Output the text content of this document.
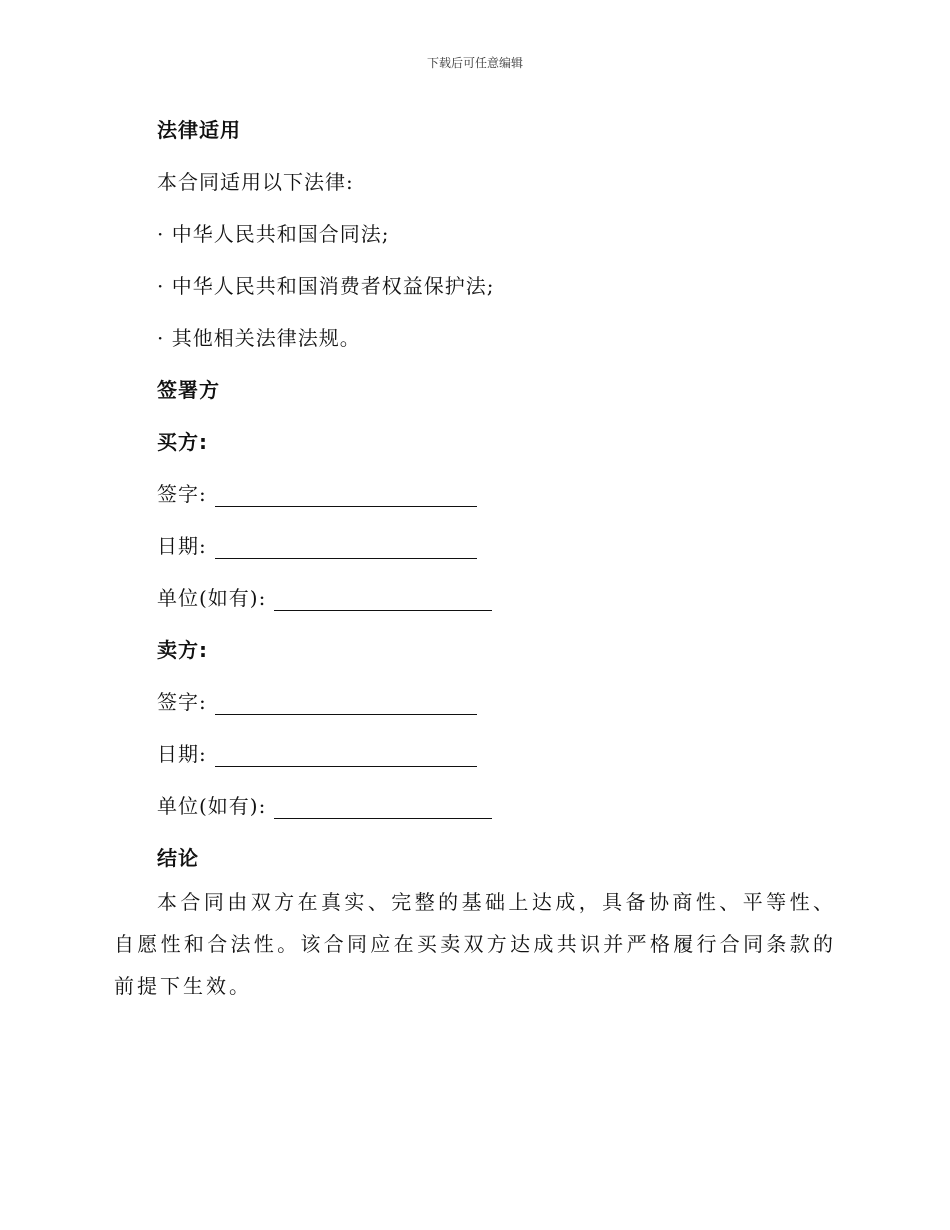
下载后可任意编辑
法律适用
本合同适用以下法律:
· 中华人民共和国合同法;
· 中华人民共和国消费者权益保护法;
· 其他相关法律法规。
签署方
买方:
签字:
日期:
单位(如有):
卖方:
签字:
日期:
单位(如有):
结论
本合同由双方在真实、完整的基础上达成，具备协商性、平等性、自愿性和合法性。该合同应在买卖双方达成共识并严格履行合同条款的前提下生效。
